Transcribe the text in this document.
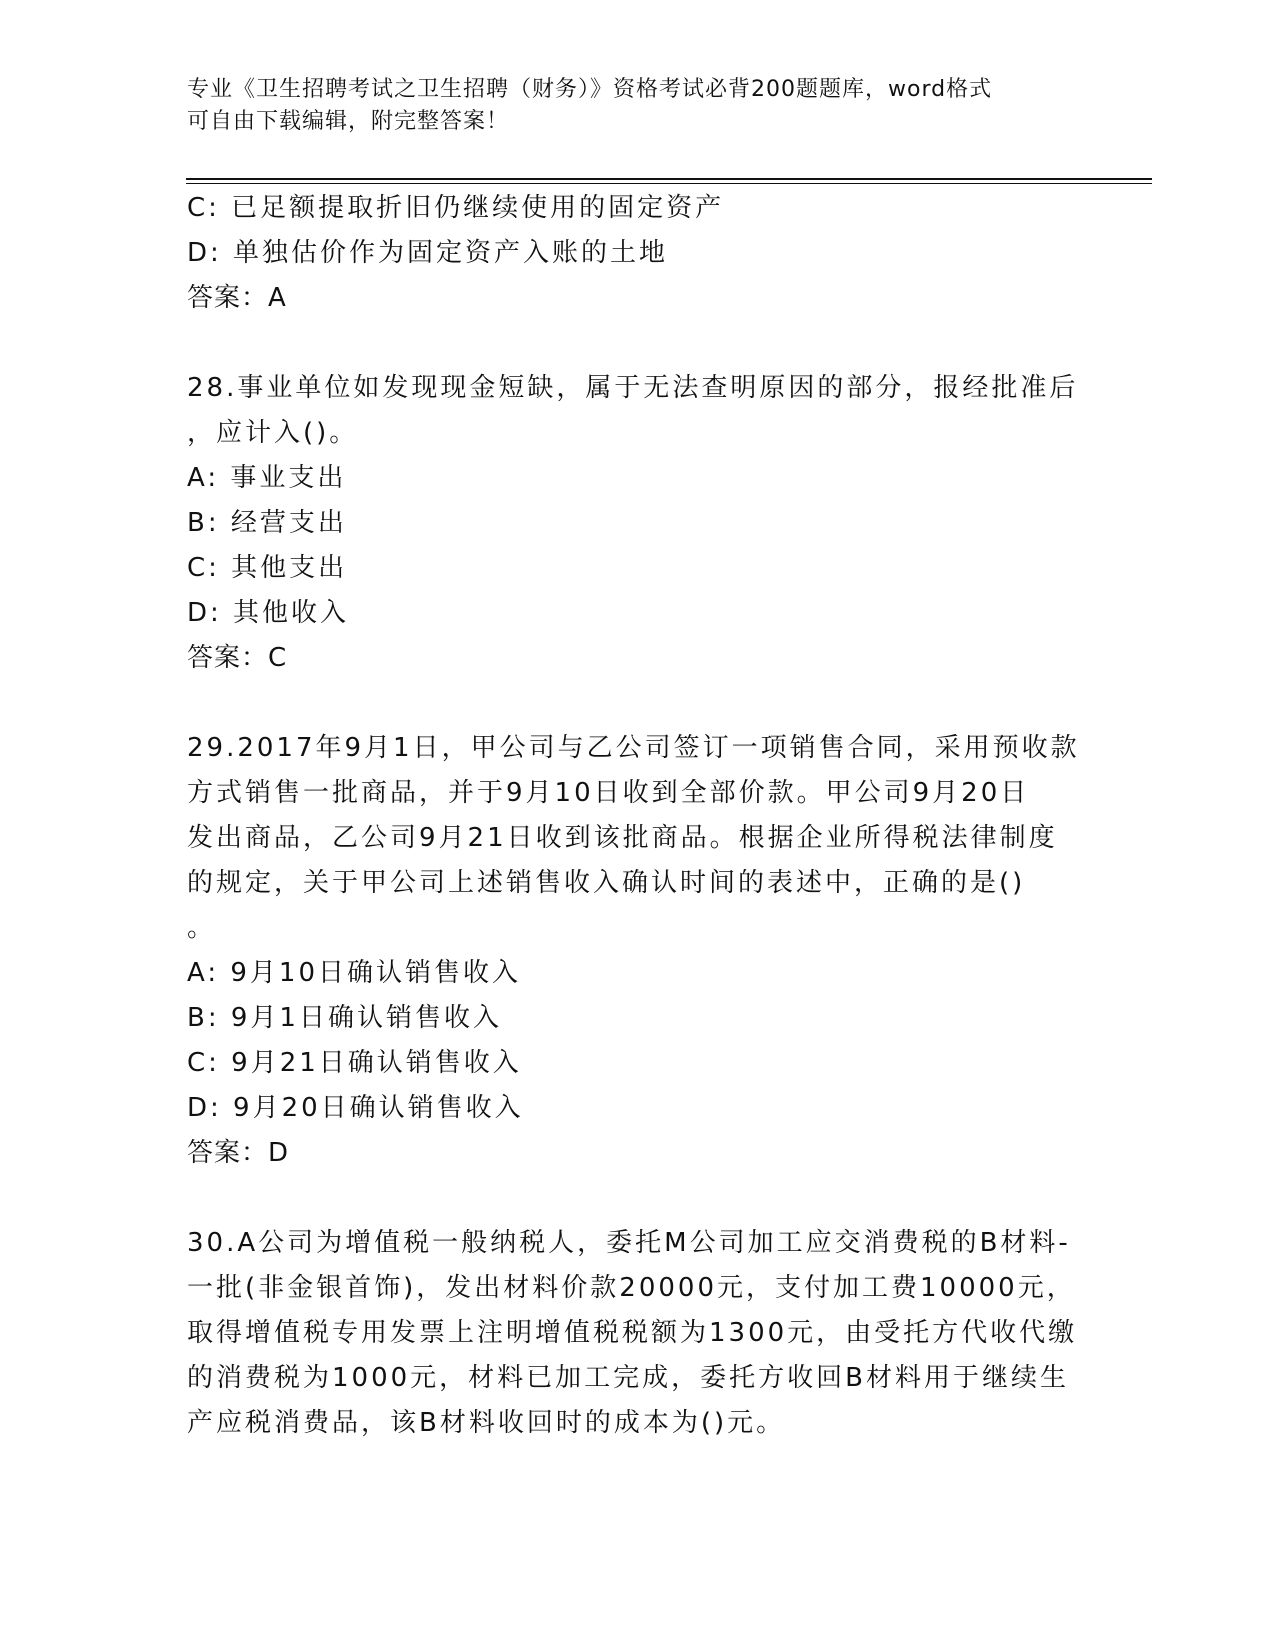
专业《卫生招聘考试之卫生招聘（财务）》资格考试必背200题题库，word格式
可自由下载编辑，附完整答案！
C: 已足额提取折旧仍继续使用的固定资产
D: 单独估价作为固定资产入账的土地
答案：A
28.事业单位如发现现金短缺，属于无法查明原因的部分，报经批准后
，应计入()。
A: 事业支出
B: 经营支出
C: 其他支出
D: 其他收入
答案：C
29.2017年9月1日，甲公司与乙公司签订一项销售合同，采用预收款
方式销售一批商品，并于9月10日收到全部价款。甲公司9月20日
发出商品，乙公司9月21日收到该批商品。根据企业所得税法律制度
的规定，关于甲公司上述销售收入确认时间的表述中，正确的是()
。
A: 9月10日确认销售收入
B: 9月1日确认销售收入
C: 9月21日确认销售收入
D: 9月20日确认销售收入
答案：D
30.A公司为增值税一般纳税人，委托M公司加工应交消费税的B材料-
一批(非金银首饰)，发出材料价款20000元，支付加工费10000元，
取得增值税专用发票上注明增值税税额为1300元，由受托方代收代缴
的消费税为1000元，材料已加工完成，委托方收回B材料用于继续生
产应税消费品，该B材料收回时的成本为()元。
